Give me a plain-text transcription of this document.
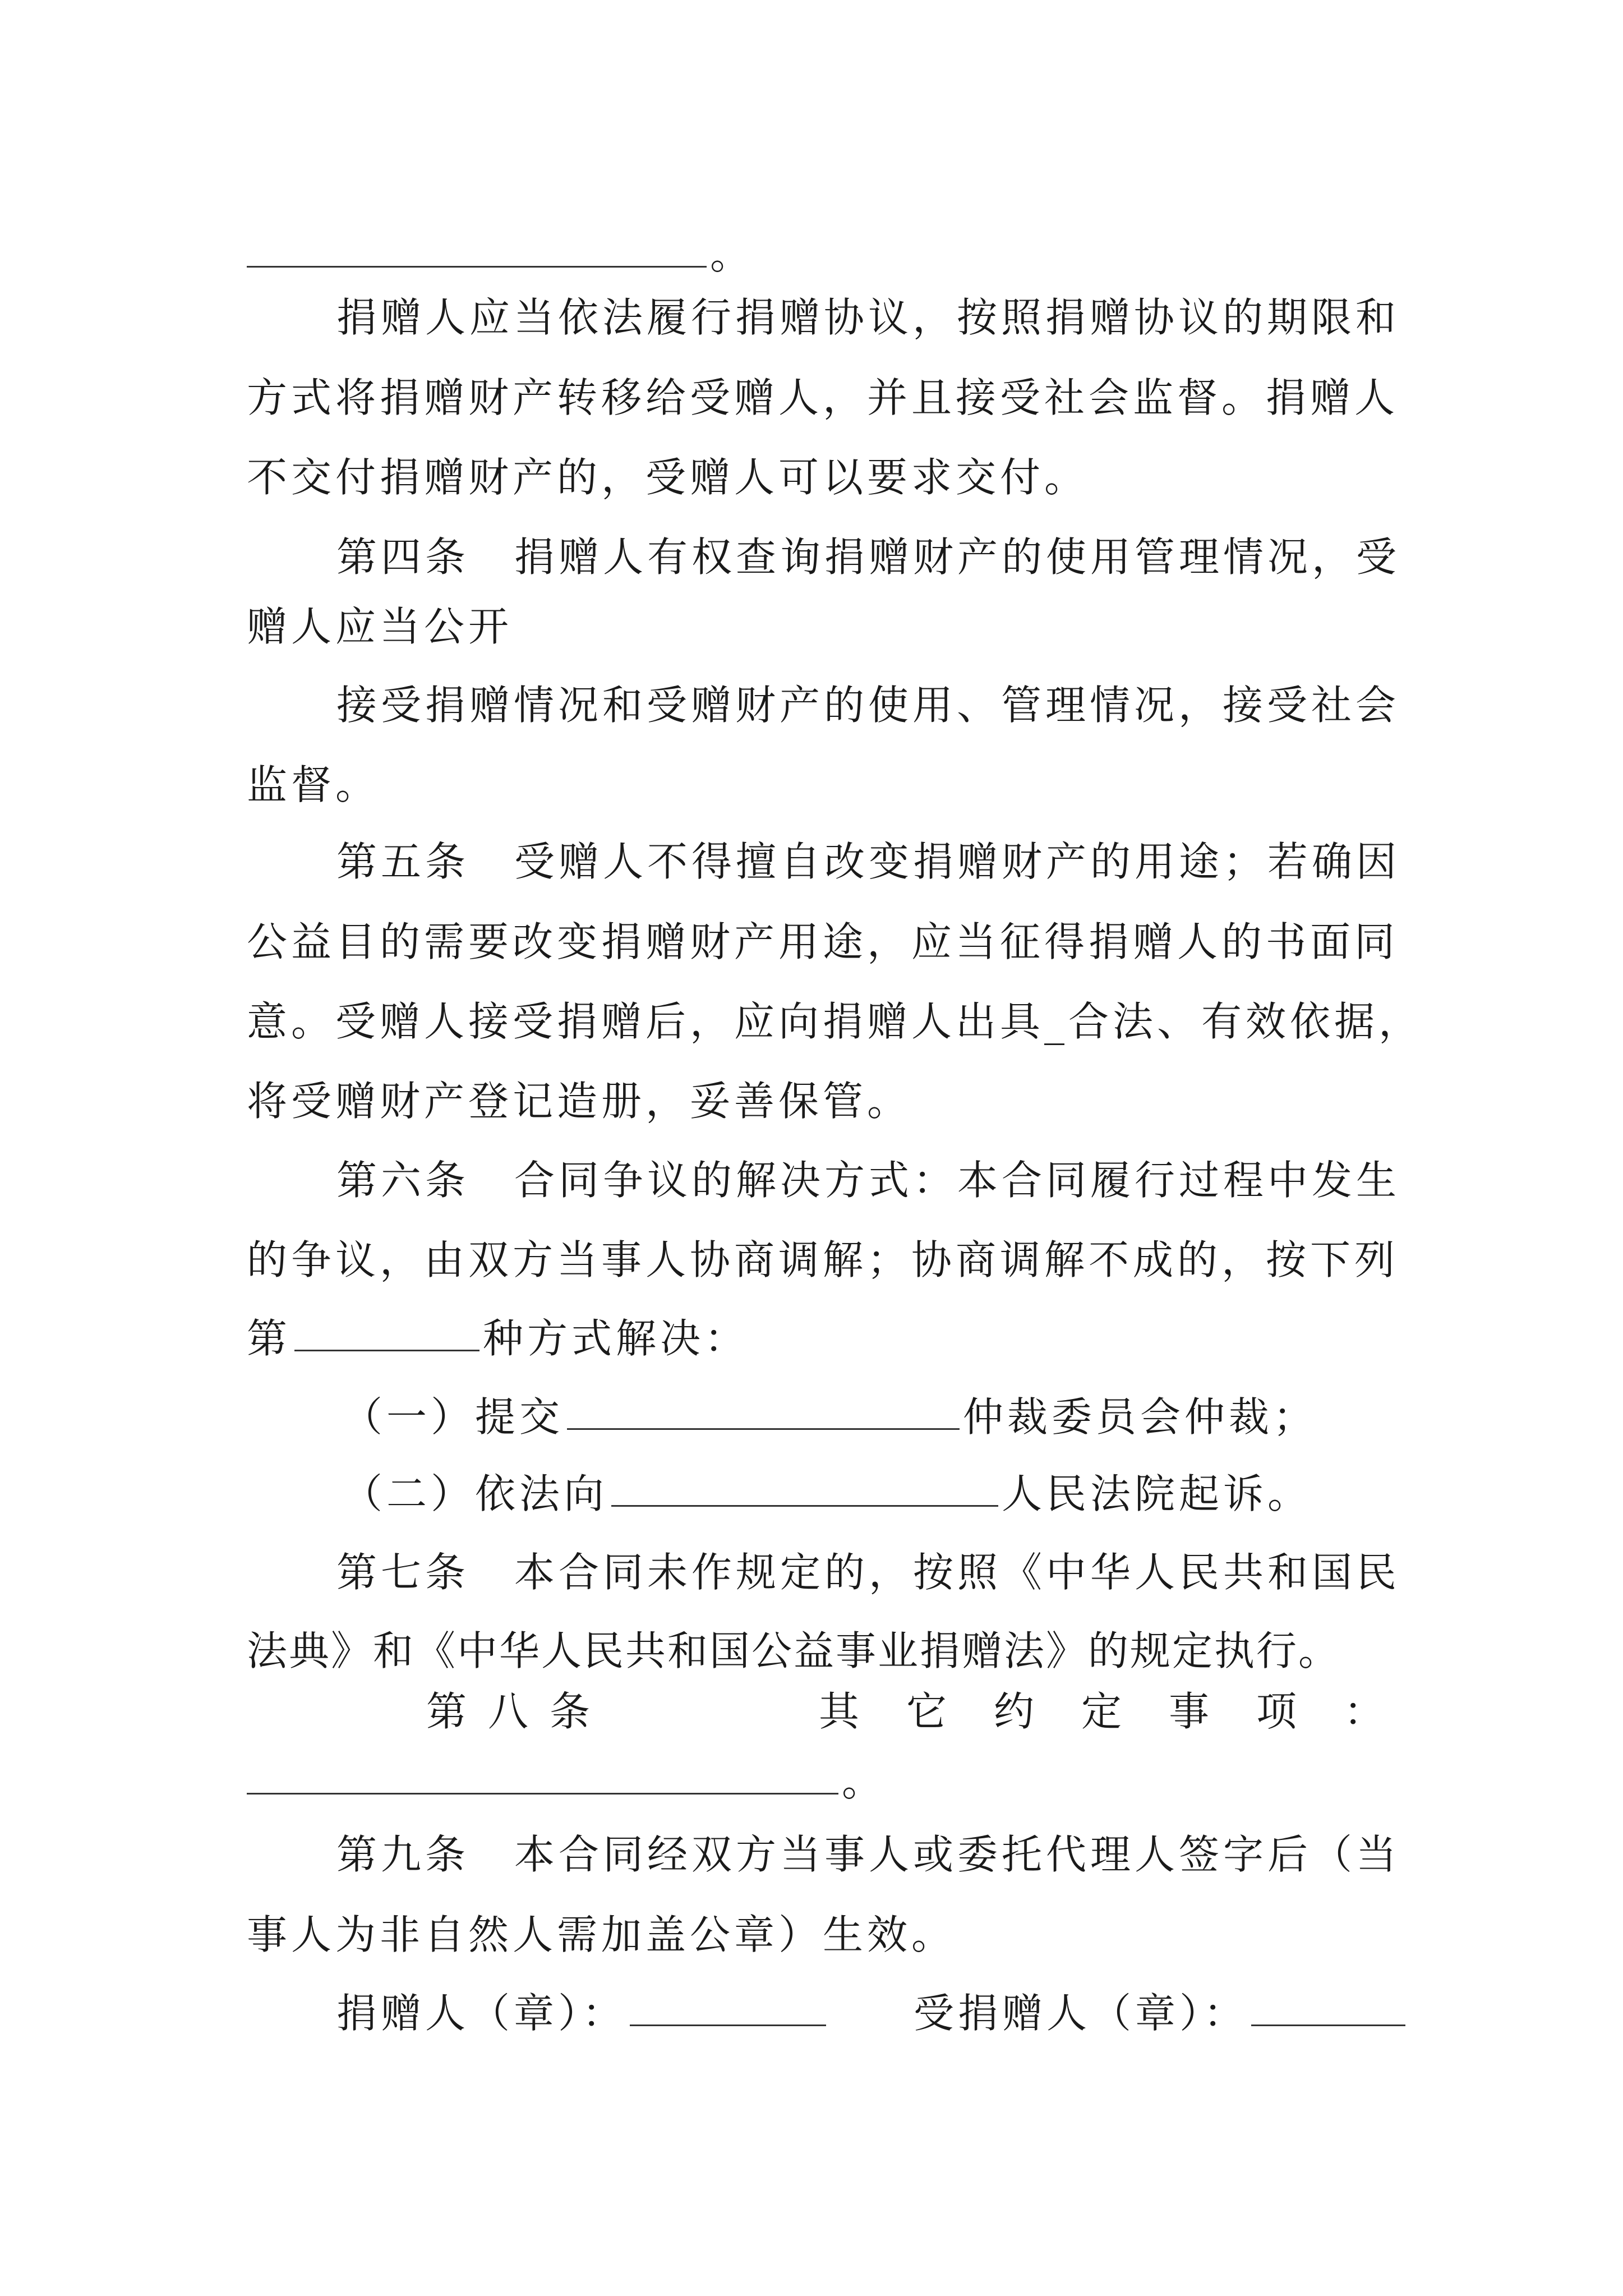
。
捐赠人应当依法履行捐赠协议，按照捐赠协议的期限和
方式将捐赠财产转移给受赠人，并且接受社会监督。捐赠人
不交付捐赠财产的，受赠人可以要求交付。
第四条 捐赠人有权查询捐赠财产的使用管理情况，受
赠人应当公开
接受捐赠情况和受赠财产的使用、管理情况，接受社会
监督。
第五条 受赠人不得擅自改变捐赠财产的用途；若确因
公益目的需要改变捐赠财产用途，应当征得捐赠人的书面同
意。受赠人接受捐赠后，应向捐赠人出具_合法、有效依据，
将受赠财产登记造册，妥善保管。
第六条 合同争议的解决方式：本合同履行过程中发生
的争议，由双方当事人协商调解；协商调解不成的，按下列
第	种方式解决：
（一）提交	仲裁委员会仲裁；
（二）依法向	人民法院起诉。
第七条 本合同未作规定的，按照《中华人民共和国民
法典》和《中华人民共和国公益事业捐赠法》的规定执行。
第 八 条	其 它 约 定 事 项 ：
。
第九条 本合同经双方当事人或委托代理人签字后（当
事人为非自然人需加盖公章）生效。
捐赠人（章）：	受捐赠人（章）：
